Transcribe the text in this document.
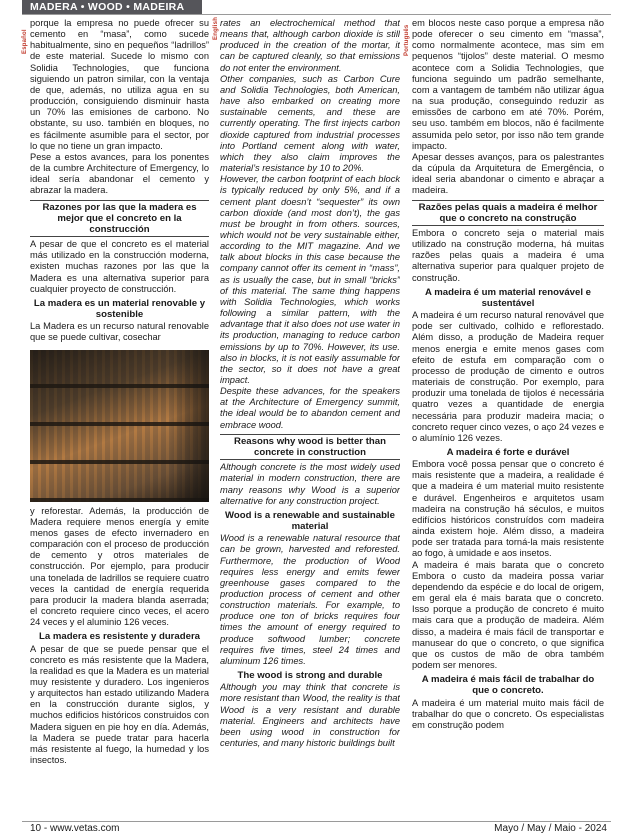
MADERA • WOOD • MADEIRA
Español
English	Português

porque la empresa no puede ofrecer su cemento en “masa”, como sucede habitualmente, sino en pequeños “ladrillos” de este material. Sucede lo mismo con Solidia Technologies, que funciona siguiendo un patron similar, con la ventaja de que, además, no utiliza agua en su producción, consiguiendo disminuir hasta un 70% las emisiones de carbono. No obstante, su uso. también en bloques, no es fácilmente asumible para el sector, por lo que no tiene un gran impacto.

Pese a estos avances, para los ponentes de la cumbre Architecture of Emergency, lo ideal sería abandonar el cemento y abrazar la madera.

Razones por las que la madera es mejor que el concreto en la construcción

A pesar de que el concreto es el material más utilizado en la construcción moderna, existen muchas razones por las que la Madera es una alternativa superior para cualquier proyecto de construcción.

La madera es un material renovable y sostenible

La Madera es un recurso natural renovable que se puede cultivar, cosechar

y reforestar. Además, la producción de Madera requiere menos energía y emite menos gases de efecto invernadero en comparación con el proceso de producción de cemento y otros materiales de construcción. Por ejemplo, para producir una tonelada de ladrillos se requiere cuatro veces la cantidad de energía requerida para producir la madera blanda aserrada; el concreto requiere cinco veces, el acero 24 veces y el aluminio 126 veces.

La madera es resistente y duradera

A pesar de que se puede pensar que el concreto es más resistente que la Madera, la realidad es que la Madera es un material muy resistente y duradero. Los ingenieros y arquitectos han estado utilizando Madera en la construcción durante siglos, y muchos edificios históricos construidos con Madera siguen en pie hoy en día. Además, la Madera se puede tratar para hacerla más resistente al fuego, la humedad y los insectos.

rates an electrochemical method that means that, although carbon dioxide is still produced in the creation of the mortar, it can be captured cleanly, so that emissions do not enter the environment.

Other companies, such as Carbon Cure and Solidia Technologies, both American, have also embarked on creating more sustainable cements, and these are currently operating. The first injects carbon dioxide captured from industrial processes into Portland cement along with water, which they also claim improves the material’s resistance by 10 to 20%.

However, the carbon footprint of each block is typically reduced by only 5%, and if a cement plant doesn’t “sequester” its own carbon dioxide (and most don’t), the gas must be brought in from others. sources, which would not be very sustainable either, according to the MIT magazine. And we talk about blocks in this case because the company cannot offer its cement in “mass”, as is usually the case, but in small “bricks” of this material. The same thing happens with Solidia Technologies, which works following a similar pattern, with the advantage that it also does not use water in its production, managing to reduce carbon emissions by up to 70%. However, its use. also in blocks, it is not easily assumable for the sector, so it does not have a great impact.

Despite these advances, for the speakers at the Architecture of Emergency summit, the ideal would be to abandon cement and embrace wood.

Reasons why wood is better than concrete in construction

Although concrete is the most widely used material in modern construction, there are many reasons why Wood is a superior alternative for any construction project.

Wood is a renewable and sustainable material

Wood is a renewable natural resource that can be grown, harvested and reforested. Furthermore, the production of Wood requires less energy and emits fewer greenhouse gases compared to the production process of cement and other construction materials. For example, to produce one ton of bricks requires four times the amount of energy required to produce softwood lumber; concrete requires five times, steel 24 times and aluminum 126 times.

The wood is strong and durable

Although you may think that concrete is more resistant than Wood, the reality is that Wood is a very resistant and durable material. Engineers and architects have been using wood in construction for centuries, and many historic buildings built

em blocos neste caso porque a empresa não pode oferecer o seu cimento em “massa”, como normalmente acontece, mas sim em pequenos “tijolos” deste material. O mesmo acontece com a Solidia Technologies, que funciona seguindo um padrão semelhante, com a vantagem de também não utilizar água na sua produção, conseguindo reduzir as emissões de carbono em até 70%. Porém, seu uso. também em blocos, não é facilmente assumida pelo setor, por isso não tem grande impacto.

Apesar desses avanços, para os palestrantes da cúpula da Arquitetura de Emergência, o ideal seria abandonar o cimento e abraçar a madeira.

Razões pelas quais a madeira é melhor que o concreto na construção

Embora o concreto seja o material mais utilizado na construção moderna, há muitas razões pelas quais a madeira é uma alternativa superior para qualquer projeto de construção.

A madeira é um material renovável e sustentável

A madeira é um recurso natural renovável que pode ser cultivado, colhido e reflorestado. Além disso, a produção de Madeira requer menos energia e emite menos gases com efeito de estufa em comparação com o processo de produção de cimento e outros materiais de construção. Por exemplo, para produzir uma tonelada de tijolos é necessária quatro vezes a quantidade de energia necessária para produzir madeira macia; o concreto requer cinco vezes, o aço 24 vezes e o alumínio 126 vezes.

A madeira é forte e durável

Embora você possa pensar que o concreto é mais resistente que a madeira, a realidade é que a madeira é um material muito resistente e durável. Engenheiros e arquitetos usam madeira na construção há séculos, e muitos edifícios históricos construídos com madeira ainda existem hoje. Além disso, a madeira pode ser tratada para torná-la mais resistente ao fogo, à umidade e aos insetos.

A madeira é mais barata que o concreto Embora o custo da madeira possa variar dependendo da espécie e do local de origem, em geral ela é mais barata que o concreto. Isso porque a produção de concreto é muito mais cara que a produção de madeira. Além disso, a madeira é mais fácil de transportar e manusear do que o concreto, o que significa que os custos de mão de obra também podem ser menores.

A madeira é mais fácil de trabalhar do que o concreto.

A madeira é um material muito mais fácil de trabalhar do que o concreto. Os especialistas em construção podem

10 - www.vetas.com	Mayo / May / Maio - 2024
